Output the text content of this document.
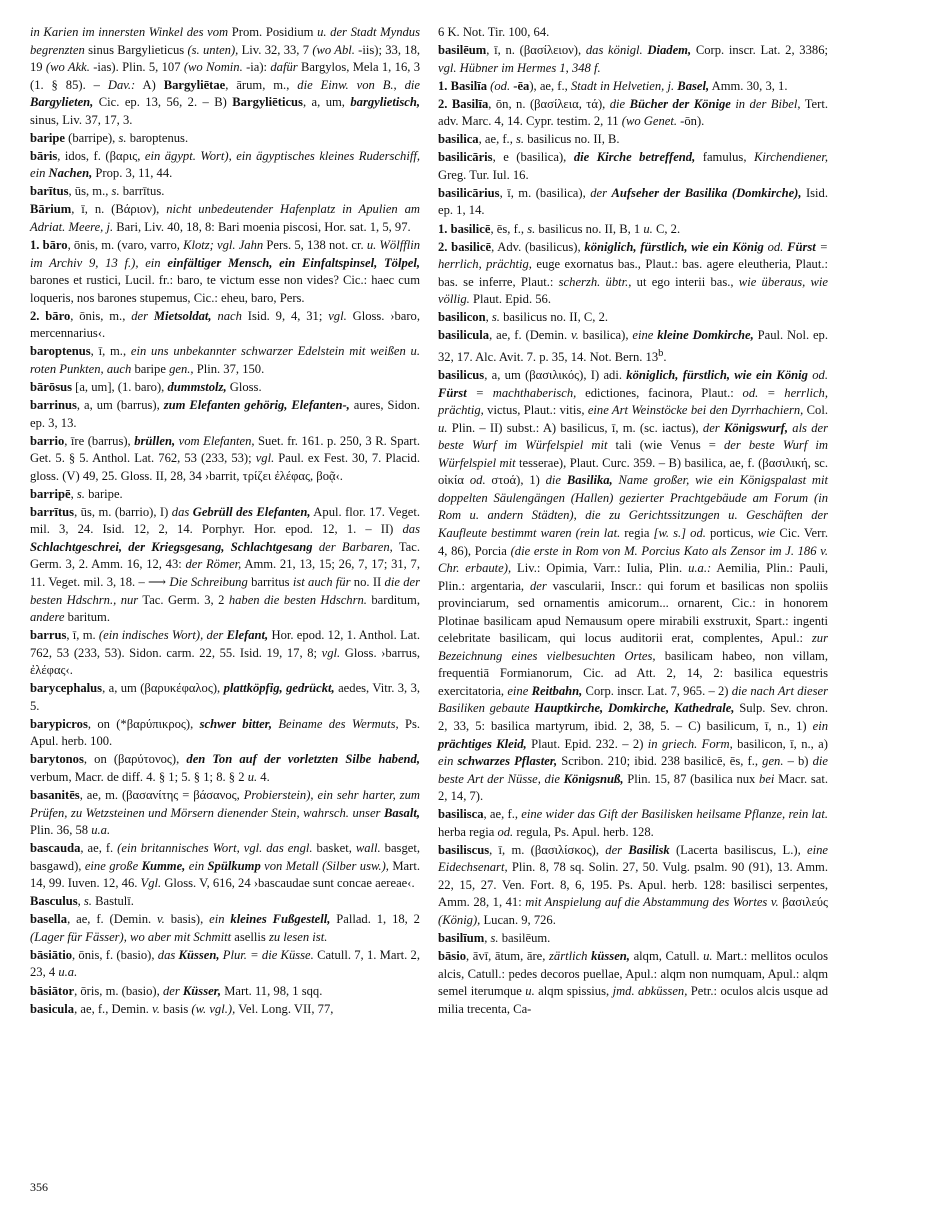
in Karien im innersten Winkel des vom Prom. Posidium u. der Stadt Myndus begrenzten sinus Bargylieticus (s. unten), Liv. 32, 33, 7 (wo Abl. -iis); 33, 18, 19 (wo Akk. -ias). Plin. 5, 107 (wo Nomin. -ia): dafür Bargylos, Mela 1, 16, 3 (1. § 85). – Dav.: A) Bargyliētae, ārum, m., die Einw. von B., die Bargylieten, Cic. ep. 13, 56, 2. – B) Bargyliēticus, a, um, bargylietisch, sinus, Liv. 37, 17, 3.
baripe (barripe), s. baroptenus.
bāris, idos, f. (βαρις, ein ägypt. Wort), ein ägyptisches kleines Ruderschiff, ein Nachen, Prop. 3, 11, 44.
barītus, ūs, m., s. barrītus.
Bārium, ī, n. (Βάριον), nicht unbedeutender Hafenplatz in Apulien am Adriat. Meere, j. Bari, Liv. 40, 18, 8: Bari moenia piscosi, Hor. sat. 1, 5, 97.
1. bāro, ōnis, m. (varo, varro, Klotz; vgl. Jahn Pers. 5, 138 not. cr. u. Wölfflin im Archiv 9, 13 f.), ein einfältiger Mensch, ein Einfaltspinsel, Tölpel, barones et rustici, Lucil. fr.: baro, te victum esse non vides? Cic.: haec cum loqueris, nos barones stupemus, Cic.: eheu, baro, Pers.
2. bāro, ōnis, m., der Mietsoldat, nach Isid. 9, 4, 31; vgl. Gloss. ›baro, mercennarius‹.
baroptenus, ī, m., ein uns unbekannter schwarzer Edelstein mit weißen u. roten Punkten, auch baripe gen., Plin. 37, 150.
bārōsus [a, um], (1. baro), dummstolz, Gloss.
barrinus, a, um (barrus), zum Elefanten gehörig, Elefanten-, aures, Sidon. ep. 3, 13.
barrio, īre (barrus), brüllen, vom Elefanten, Suet. fr. 161. p. 250, 3 R. Spart. Get. 5. § 5. Anthol. Lat. 762, 53 (233, 53); vgl. Paul. ex Fest. 30, 7. Placid. gloss. (V) 49, 25. Gloss. II, 28, 34 ›barrit, τρίζει ἐλέφας, βοᾷ‹.
barripē, s. baripe.
barrītus, ūs, m. (barrio), I) das Gebrüll des Elefanten, Apul. flor. 17. Veget. mil. 3, 24. Isid. 12, 2, 14. Porphyr. Hor. epod. 12, 1. – II) das Schlachtgeschrei, der Kriegsgesang, Schlachtgesang der Barbaren, Tac. Germ. 3, 2. Amm. 16, 12, 43: der Römer, Amm. 21, 13, 15; 26, 7, 17; 31, 7, 11. Veget. mil. 3, 18. – ⟶ Die Schreibung barritus ist auch für no. II die der besten Hdschrn., nur Tac. Germ. 3, 2 haben die besten Hdschrn. barditum, andere baritum.
barrus, ī, m. (ein indisches Wort), der Elefant, Hor. epod. 12, 1. Anthol. Lat. 762, 53 (233, 53). Sidon. carm. 22, 55. Isid. 19, 17, 8; vgl. Gloss. ›barrus, ἐλέφας‹.
barycephalus, a, um (βαρυκέφαλος), plattköpfig, gedrückt, aedes, Vitr. 3, 3, 5.
barypicros, on (*βαρύπικρος), schwer bitter, Beiname des Wermuts, Ps. Apul. herb. 100.
barytonos, on (βαρύτονος), den Ton auf der vorletzten Silbe habend, verbum, Macr. de diff. 4. § 1; 5. § 1; 8. § 2 u. 4.
basanitēs, ae, m. (βασανίτης = βάσανος, Probierstein), ein sehr harter, zum Prüfen, zu Wetzsteinen und Mörsern dienender Stein, wahrsch. unser Basalt, Plin. 36, 58 u.a.
bascauda, ae, f. (ein britannisches Wort, vgl. das engl. basket, wall. basget, basgawd), eine große Kumme, ein Spülkump von Metall (Silber usw.), Mart. 14, 99. Iuven. 12, 46. Vgl. Gloss. V, 616, 24 ›bascaudae sunt concae aereae‹.
Basculus, s. Bastulī.
basella, ae, f. (Demin. v. basis), ein kleines Fußgestell, Pallad. 1, 18, 2 (Lager für Fässer), wo aber mit Schmitt asellis zu lesen ist.
bāsiātio, ōnis, f. (basio), das Küssen, Plur. = die Küsse. Catull. 7, 1. Mart. 2, 23, 4 u.a.
bāsiātor, ōris, m. (basio), der Küsser, Mart. 11, 98, 1 sqq.
basicula, ae, f., Demin. v. basis (w. vgl.), Vel. Long. VII, 77,
6 K. Not. Tir. 100, 64.
basilēum, ī, n. (βασίλειον), das königl. Diadem, Corp. inscr. Lat. 2, 3386; vgl. Hübner im Hermes 1, 348 f.
1. Basilīa (od. -ēa), ae, f., Stadt in Helvetien, j. Basel, Amm. 30, 3, 1.
2. Basilīa, ōn, n. (βασίλεια, τά), die Bücher der Könige in der Bibel, Tert. adv. Marc. 4, 14. Cypr. testim. 2, 11 (wo Genet. -ōn).
basilica, ae, f., s. basilicus no. II, B.
basilicāris, e (basilica), die Kirche betreffend, famulus, Kirchendiener, Greg. Tur. Iul. 16.
basilicārius, ī, m. (basilica), der Aufseher der Basilika (Domkirche), Isid. ep. 1, 14.
1. basilicē, ēs, f., s. basilicus no. II, B, 1 u. C, 2.
2. basilicē, Adv. (basilicus), königlich, fürstlich, wie ein König od. Fürst = herrlich, prächtig, euge exornatus bas., Plaut.: bas. agere eleutheria, Plaut.: bas. se inferre, Plaut.: scherzh. übtr., ut ego interii bas., wie überaus, wie völlig. Plaut. Epid. 56.
basilicon, s. basilicus no. II, C, 2.
basilicula, ae, f. (Demin. v. basilica), eine kleine Domkirche, Paul. Nol. ep. 32, 17. Alc. Avit. 7. p. 35, 14. Not. Bern. 13$^b$.
basilicus, a, um (βασιλικός), I) adi. königlich, fürstlich, wie ein König od. Fürst = machthaberisch, edictiones, facinora, Plaut.: od. = herrlich, prächtig, victus, Plaut.: vitis, eine Art Weinstöcke bei den Dyrrhachiern, Col. u. Plin. – II) subst.: A) basilicus, ī, m. (sc. iactus), der Königswurf, als der beste Wurf im Würfelspiel mit tali (wie Venus = der beste Wurf im Würfelspiel mit tesserae), Plaut. Curc. 359. – B) basilica, ae, f. (βασιλική, sc. οἰκία od. στοά), 1) die Basilika, Name großer, wie ein Königspalast mit doppelten Säulengängen (Hallen) gezierter Prachtgebäude am Forum (in Rom u. andern Städten), die zu Gerichtssitzungen u. Geschäften der Kaufleute bestimmt waren (rein lat. regia [w. s.] od. porticus, wie Cic. Verr. 4, 86), Porcia (die erste in Rom von M. Porcius Kato als Zensor im J. 186 v. Chr. erbaute), Liv.: Opimia, Varr.: Iulia, Plin. u.a.: Aemilia, Plin.: Pauli, Plin.: argentaria, der vascularii, Inscr.: qui forum et basilicas non spoliis provinciarum, sed ornamentis amicorum... ornarent, Cic.: in honorem Plotinae basilicam apud Nemausum opere mirabili exstruxit, Spart.: ingenti celebritate basilicam, qui locus auditorii erat, complentes, Apul.: zur Bezeichnung eines vielbesuchten Ortes, basilicam habeo, non villam, frequentiā Formianorum, Cic. ad Att. 2, 14, 2: basilica equestris exercitatoria, eine Reitbahn, Corp. inscr. Lat. 7, 965. – 2) die nach Art dieser Basiliken gebaute Hauptkirche, Domkirche, Kathedrale, Sulp. Sev. chron. 2, 33, 5: basilica martyrum, ibid. 2, 38, 5. – C) basilicum, ī, n., 1) ein prächtiges Kleid, Plaut. Epid. 232. – 2) in griech. Form, basilicon, ī, n., a) ein schwarzes Pflaster, Scribon. 210; ibid. 238 basilicē, ēs, f., gen. – b) die beste Art der Nüsse, die Königsnuß, Plin. 15, 87 (basilica nux bei Macr. sat. 2, 14, 7).
basilisca, ae, f., eine wider das Gift der Basilisken heilsame Pflanze, rein lat. herba regia od. regula, Ps. Apul. herb. 128.
basiliscus, ī, m. (βασιλίσκος), der Basilisk (Lacerta basiliscus, L.), eine Eidechsenart, Plin. 8, 78 sq. Solin. 27, 50. Vulg. psalm. 90 (91), 13. Amm. 22, 15, 27. Ven. Fort. 8, 6, 195. Ps. Apul. herb. 128: basilisci serpentes, Amm. 28, 1, 41: mit Anspielung auf die Abstammung des Wortes v. βασιλεύς (König), Lucan. 9, 726.
basilīum, s. basilēum.
bāsio, āvī, ātum, āre, zärtlich küssen, alqm, Catull. u. Mart.: mellitos oculos alcis, Catull.: pedes decoros puellae, Apul.: alqm non numquam, Apul.: alqm semel iterumque u. alqm spissius, jmd. abküssen, Petr.: oculos alcis usque ad milia trecenta, Ca-
356
